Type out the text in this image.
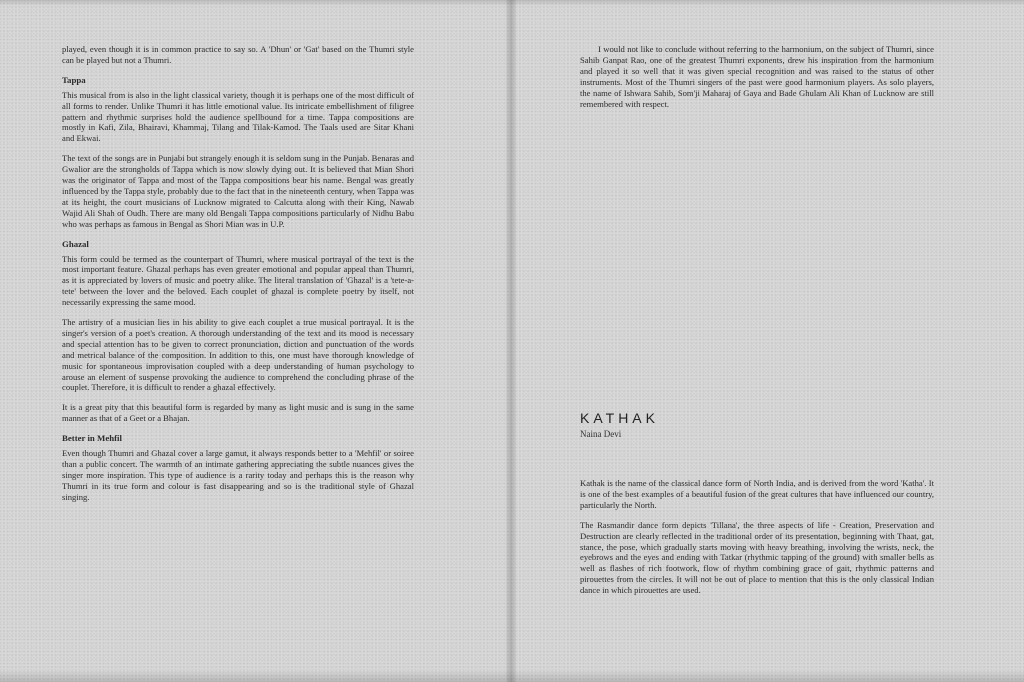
played, even though it is in common practice to say so. A 'Dhun' or 'Gat' based on the Thumri style can be played but not a Thumri.

Tappa

This musical from is also in the light classical variety, though it is perhaps one of the most difficult of all forms to render. Unlike Thumri it has little emotional value. Its intricate embellishment of filigree pattern and rhythmic surprises hold the audience spellbound for a time. Tappa compositions are mostly in Kafi, Zila, Bhairavi, Khammaj, Tilang and Tilak-Kamod. The Taals used are Sitar Khani and Ekwai.

The text of the songs are in Punjabi but strangely enough it is seldom sung in the Punjab. Benaras and Gwalior are the strongholds of Tappa which is now slowly dying out. It is believed that Mian Shori was the originator of Tappa and most of the Tappa compositions bear his name. Bengal was greatly influenced by the Tappa style, probably due to the fact that in the nineteenth century, when Tappa was at its height, the court musicians of Lucknow migrated to Calcutta along with their King, Nawab Wajid Ali Shah of Oudh. There are many old Bengali Tappa compositions particularly of Nidhu Babu who was perhaps as famous in Bengal as Shori Mian was in U.P.

Ghazal

This form could be termed as the counterpart of Thumri, where musical portrayal of the text is the most important feature. Ghazal perhaps has even greater emotional and popular appeal than Thumri, as it is appreciated by lovers of music and poetry alike. The literal translation of 'Ghazal' is a 'tete-a-tete' between the lover and the beloved. Each couplet of ghazal is complete poetry by itself, not necessarily expressing the same mood.

The artistry of a musician lies in his ability to give each couplet a true musical portrayal. It is the singer's version of a poet's creation. A thorough understanding of the text and its mood is necessary and special attention has to be given to correct pronunciation, diction and punctuation of the words and metrical balance of the composition. In addition to this, one must have thorough knowledge of music for spontaneous improvisation coupled with a deep understanding of human psychology to arouse an element of suspense provoking the audience to comprehend the concluding phrase of the couplet. Therefore, it is difficult to render a ghazal effectively.

It is a great pity that this beautiful form is regarded by many as light music and is sung in the same manner as that of a Geet or a Bhajan.

Better in Mehfil

Even though Thumri and Ghazal cover a large gamut, it always responds better to a 'Mehfil' or soiree than a public concert. The warmth of an intimate gathering appreciating the subtle nuances gives the singer more inspiration. This type of audience is a rarity today and perhaps this is the reason why Thumri in its true form and colour is fast disappearing and so is the traditional style of Ghazal singing.

I would not like to conclude without referring to the harmonium, on the subject of Thumri, since Sahib Ganpat Rao, one of the greatest Thumri exponents, drew his inspiration from the harmonium and played it so well that it was given special recognition and was raised to the status of other instruments. Most of the Thumri singers of the past were good harmonium players. As solo players, the name of Ishwara Sahib, Som'ji Maharaj of Gaya and Bade Ghulam Ali Khan of Lucknow are still remembered with respect.

KATHAK
Naina Devi

Kathak is the name of the classical dance form of North India, and is derived from the word 'Katha'. It is one of the best examples of a beautiful fusion of the great cultures that have influenced our country, particularly the North.

The Rasmandir dance form depicts 'Tillana', the three aspects of life - Creation, Preservation and Destruction are clearly reflected in the traditional order of its presentation, beginning with Thaat, gat, stance, the pose, which gradually starts moving with heavy breathing, involving the wrists, neck, the eyebrows and the eyes and ending with Tatkar (rhythmic tapping of the ground) with smaller bells as well as flashes of rich footwork, flow of rhythm combining grace of gait, rhythmic patterns and pirouettes from the circles. It will not be out of place to mention that this is the only classical Indian dance in which pirouettes are used.
